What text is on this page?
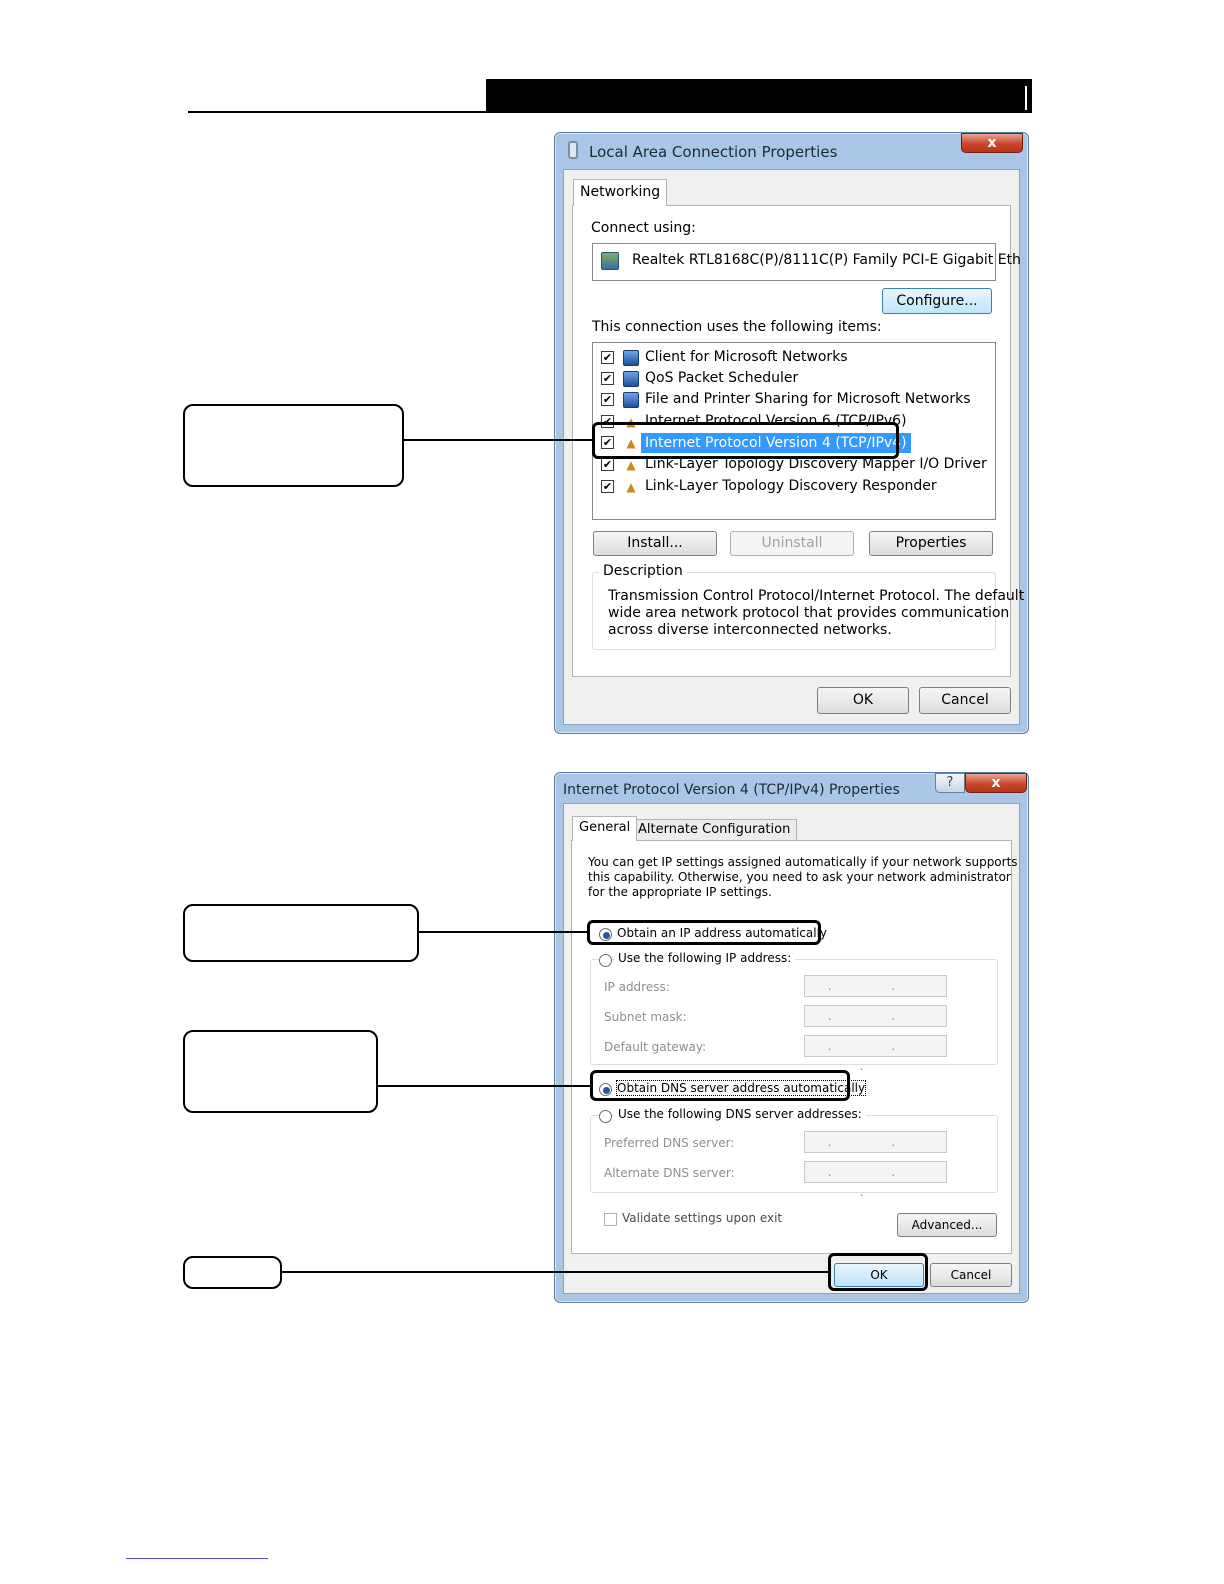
Local Area Connection Properties	x
Networking
Connect using:
Realtek RTL8168C(P)/8111C(P) Family PCI-E Gigabit Eth
Configure...
This connection uses the following items:
✔ Client for Microsoft Networks
✔ QoS Packet Scheduler
✔ File and Printer Sharing for Microsoft Networks
✔ ▲ Internet Protocol Version 6 (TCP/IPv6)
✔ ▲ Internet Protocol Version 4 (TCP/IPv4)
✔ ▲ Link-Layer Topology Discovery Mapper I/O Driver
✔ ▲ Link-Layer Topology Discovery Responder
Install...	Uninstall	Properties
Description
Transmission Control Protocol/Internet Protocol. The default
wide area network protocol that provides communication
across diverse interconnected networks.
OK	Cancel
Internet Protocol Version 4 (TCP/IPv4) Properties	?	x
General Alternate Configuration
You can get IP settings assigned automatically if your network supports
this capability. Otherwise, you need to ask your network administrator
for the appropriate IP settings.
Obtain an IP address automatically
Use the following IP address:
IP address:	. .
Subnet mask:	. .
Default gateway:	. . .
Obtain DNS server address automatically
Use the following DNS server addresses:
Preferred DNS server:	. .
Alternate DNS server:	. . .
Validate settings upon exit	Advanced...
OK	Cancel
